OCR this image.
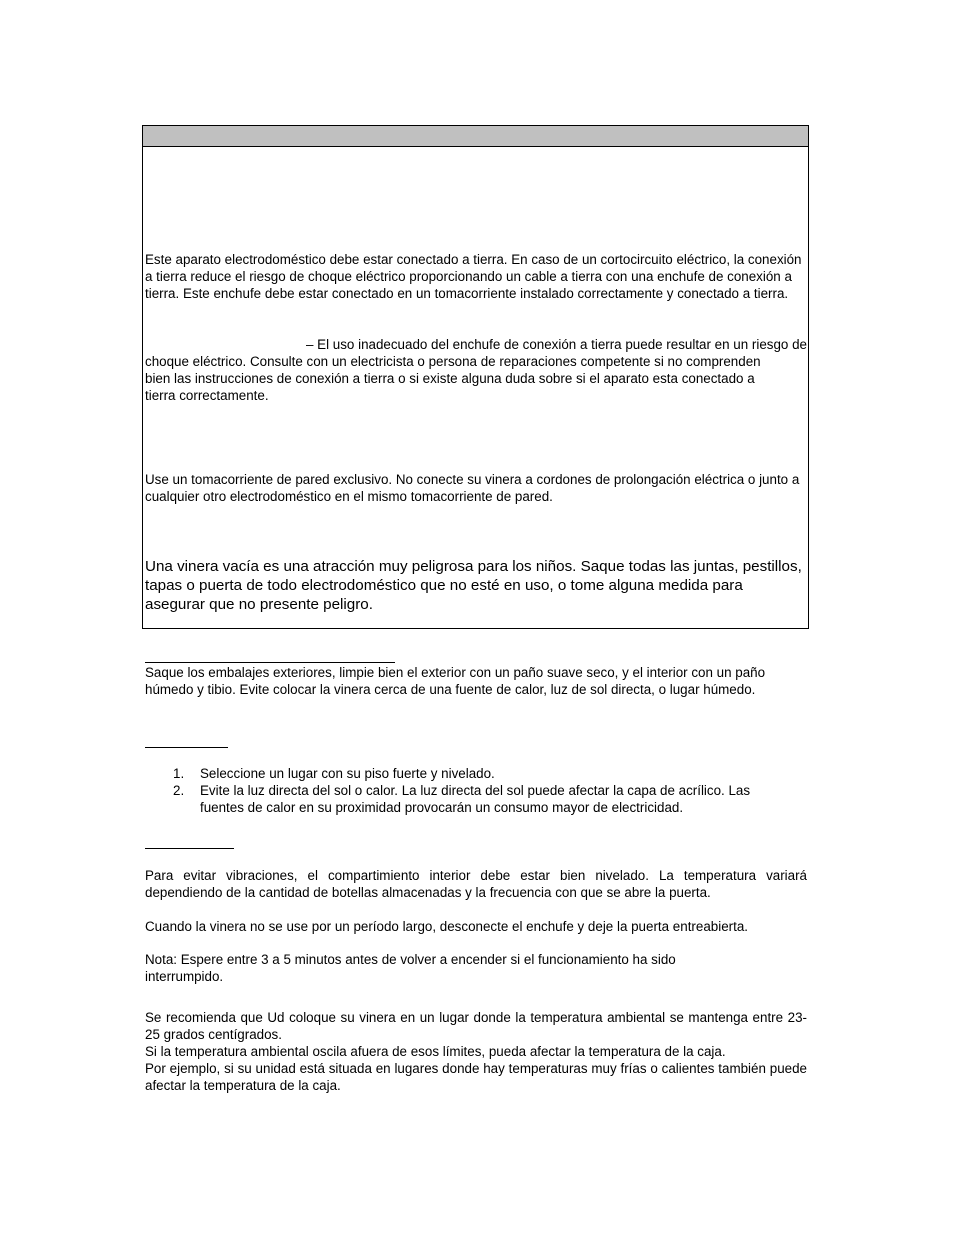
Este aparato electrodoméstico debe estar conectado a tierra. En caso de un cortocircuito eléctrico, la conexión a tierra reduce el riesgo de choque eléctrico proporcionando un cable a tierra con una enchufe de conexión a tierra. Este enchufe debe estar conectado en un tomacorriente instalado correctamente y conectado a tierra.

– El uso inadecuado del enchufe de conexión a tierra puede resultar en un riesgo de

choque eléctrico. Consulte con un electricista o persona de reparaciones competente si no comprenden bien las instrucciones de conexión a tierra o si existe alguna duda sobre si el aparato esta conectado a tierra correctamente.

Use un tomacorriente de pared exclusivo. No conecte su vinera a cordones de prolongación eléctrica o junto a cualquier otro electrodoméstico en el mismo tomacorriente de pared.

Una vinera vacía es una atracción muy peligrosa para los niños. Saque todas las juntas, pestillos, tapas o puerta de todo electrodoméstico que no esté en uso, o tome alguna medida para asegurar que no presente peligro.

Saque los embalajes exteriores, limpie bien el exterior con un paño suave seco, y el interior con un paño húmedo y tibio. Evite colocar la vinera cerca de una fuente de calor, luz de sol directa, o lugar húmedo.

1. Seleccione un lugar con su piso fuerte y nivelado.
2. Evite la luz directa del sol o calor. La luz directa del sol puede afectar la capa de acrílico. Las fuentes de calor en su proximidad provocarán un consumo mayor de electricidad.

Para evitar vibraciones, el compartimiento interior debe estar bien nivelado. La temperatura variará dependiendo de la cantidad de botellas almacenadas y la frecuencia con que se abre la puerta.

Cuando la vinera no se use por un período largo, desconecte el enchufe y deje la puerta entreabierta.

Nota: Espere entre 3 a 5 minutos antes de volver a encender si el funcionamiento ha sido interrumpido.

Se recomienda que Ud coloque su vinera en un lugar donde la temperatura ambiental se mantenga entre 23-25 grados centígrados.

Si la temperatura ambiental oscila afuera de esos límites, pueda afectar la temperatura de la caja.

Por ejemplo, si su unidad está situada en lugares donde hay temperaturas muy frías o calientes también puede afectar la temperatura de la caja.
